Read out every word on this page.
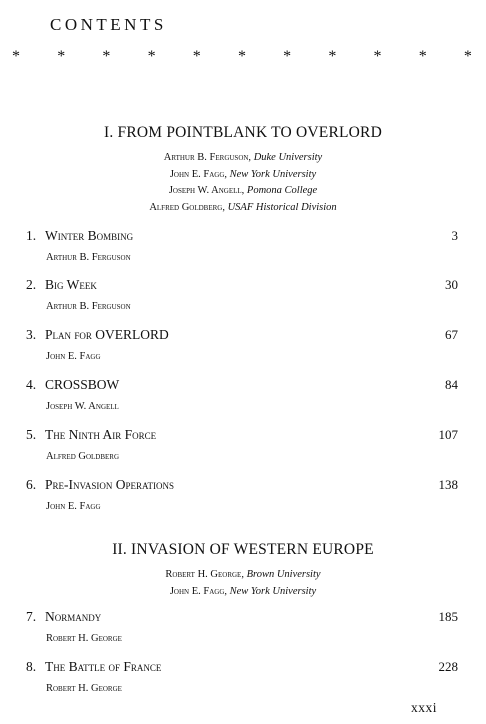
CONTENTS
* * * * * * * * * * *
I. FROM POINTBLANK TO OVERLORD
Arthur B. Ferguson, Duke University
John E. Fagg, New York University
Joseph W. Angell, Pomona College
Alfred Goldberg, USAF Historical Division
1. Winter Bombing	3
Arthur B. Ferguson
2. Big Week	30
Arthur B. Ferguson
3. Plan for OVERLORD	67
John E. Fagg
4. CROSSBOW	84
Joseph W. Angell
5. The Ninth Air Force	107
Alfred Goldberg
6. Pre-Invasion Operations	138
John E. Fagg
II. INVASION OF WESTERN EUROPE
Robert H. George, Brown University
John E. Fagg, New York University
7. Normandy	185
Robert H. George
8. The Battle of France	228
Robert H. George
xxxi
